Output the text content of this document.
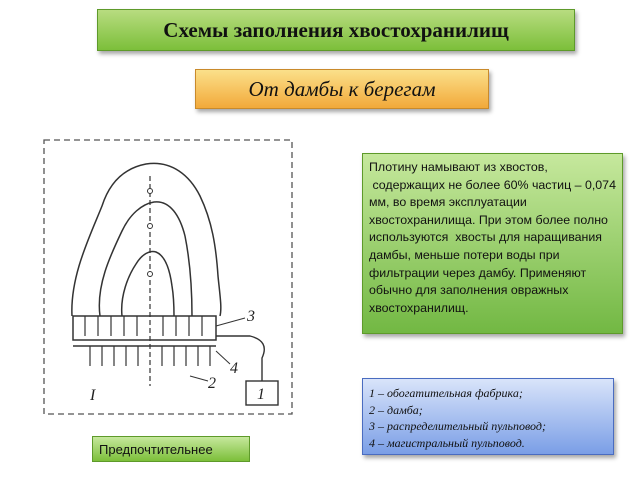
Схемы заполнения хвостохранилищ
От дамбы к берегам
1
I
3
2
4
Плотину намывают из хвостов,
содержащих не более 60% частиц – 0,074 мм, во время эксплуатации хвостохранилища. При этом более полно используются  хвосты для наращивания дамбы, меньше потери воды при фильтрации через дамбу. Применяют обычно для заполнения овражных хвостохранилищ.
1 – обогатительная фабрика;
2 – дамба;
3 – распределительный пульповод;
4 – магистральный пульповод.
Предпочтительнее
